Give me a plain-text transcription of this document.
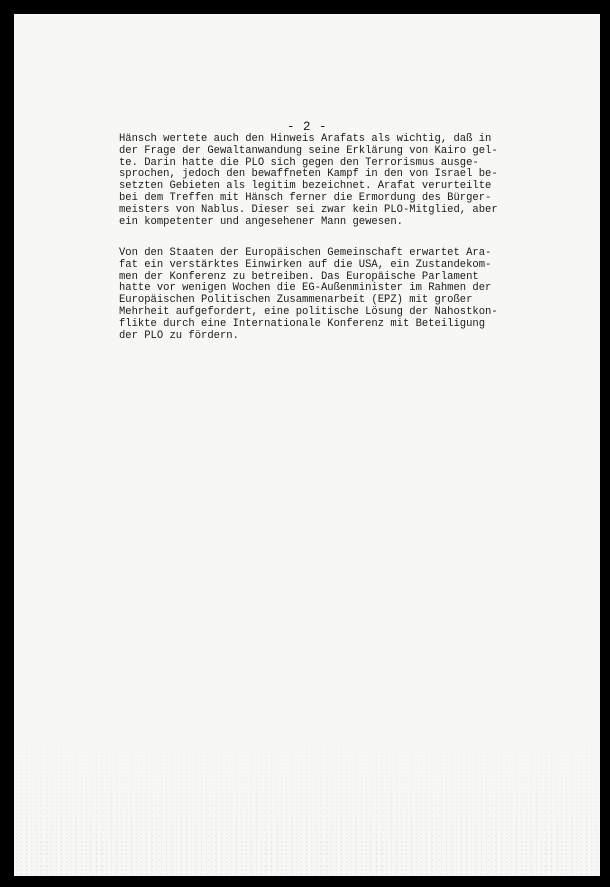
- 2 -
Hänsch wertete auch den Hinweis Arafats als wichtig, daß in
der Frage der Gewaltanwandung seine Erklärung von Kairo gel-
te. Darin hatte die PLO sich gegen den Terrorismus ausge-
sprochen, jedoch den bewaffneten Kampf in den von Israel be-
setzten Gebieten als legitim bezeichnet. Arafat verurteilte
bei dem Treffen mit Hänsch ferner die Ermordung des Bürger-
meisters von Nablus. Dieser sei zwar kein PLO-Mitglied, aber
ein kompetenter und angesehener Mann gewesen.
Von den Staaten der Europäischen Gemeinschaft erwartet Ara-
fat ein verstärktes Einwirken auf die USA, ein Zustandekom-
men der Konferenz zu betreiben. Das Europäische Parlament
hatte vor wenigen Wochen die EG-Außenminister im Rahmen der
Europäischen Politischen Zusammenarbeit (EPZ) mit großer
Mehrheit aufgefordert, eine politische Lösung der Nahostkon-
flikte durch eine Internationale Konferenz mit Beteiligung
der PLO zu fördern.
